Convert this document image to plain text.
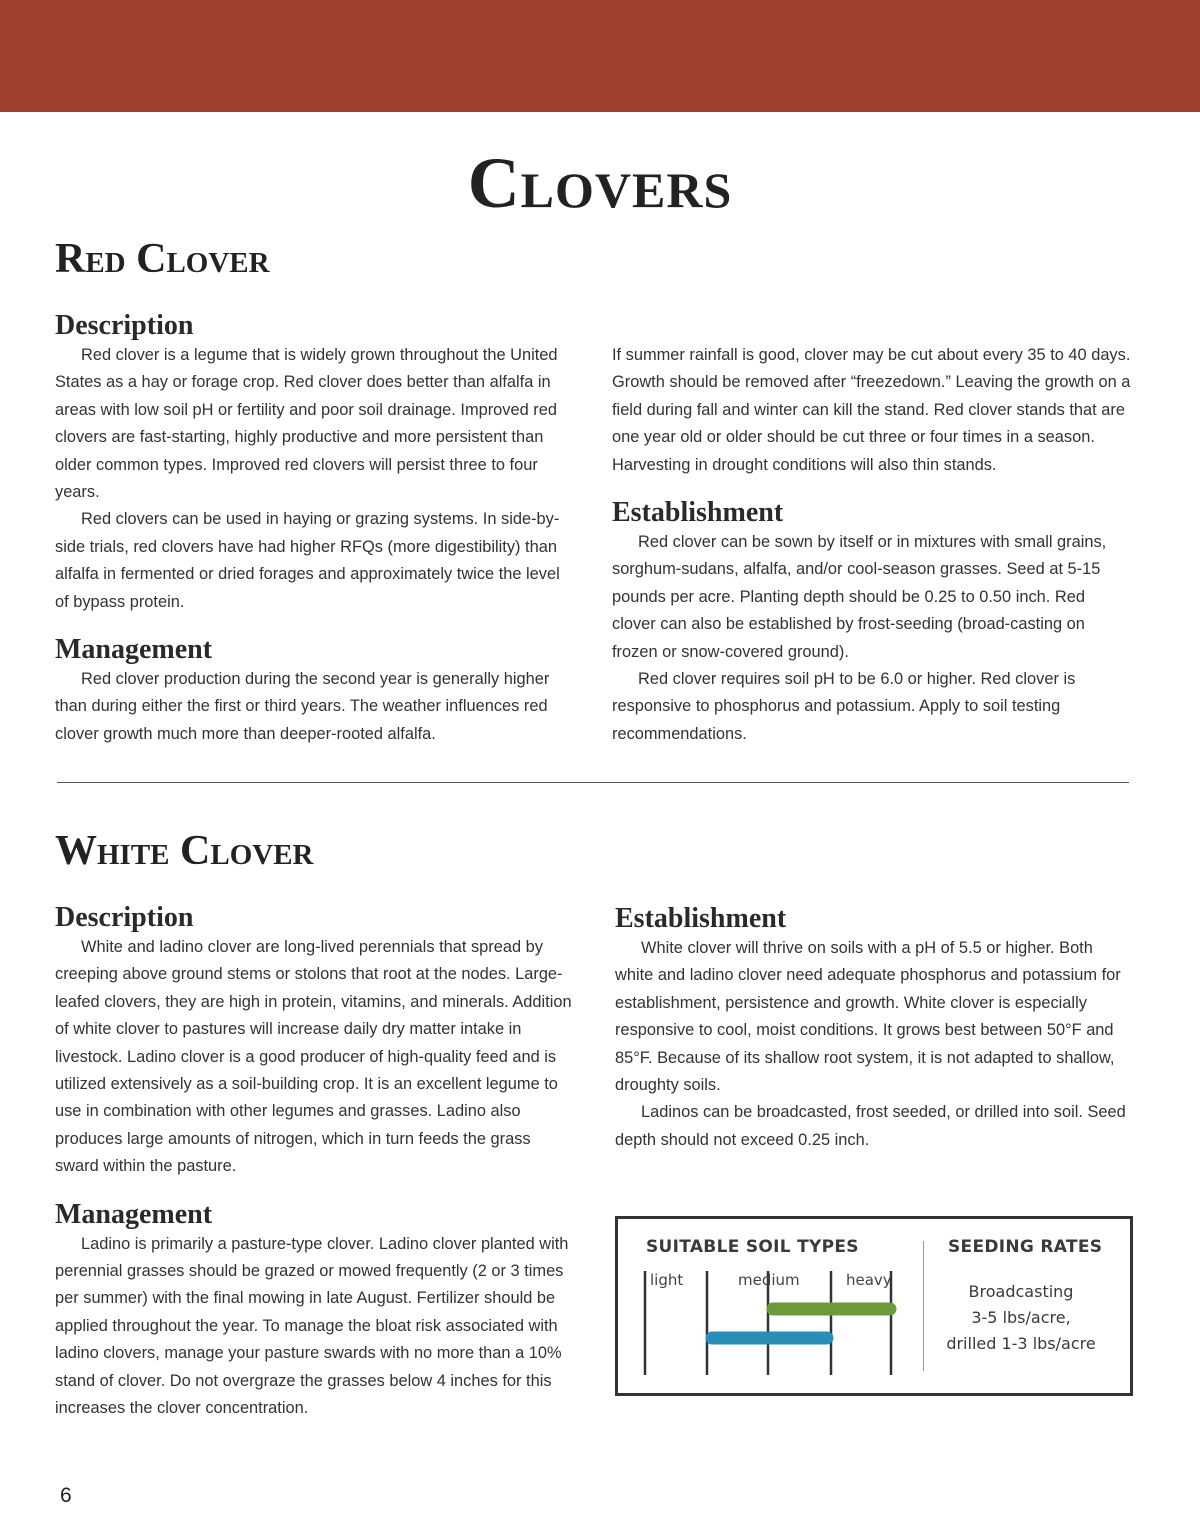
Clovers
Red Clover
Description

Red clover is a legume that is widely grown throughout the United States as a hay or forage crop. Red clover does better than alfalfa in areas with low soil pH or fertility and poor soil drainage. Improved red clovers are fast-starting, highly productive and more persistent than older common types. Improved red clovers will persist three to four years.

Red clovers can be used in haying or grazing systems. In side-by-side trials, red clovers have had higher RFQs (more digestibility) than alfalfa in fermented or dried forages and approximately twice the level of bypass protein.

Management

Red clover production during the second year is generally higher than during either the first or third years. The weather influences red clover growth much more than deeper-rooted alfalfa.

If summer rainfall is good, clover may be cut about every 35 to 40 days. Growth should be removed after “freezedown.” Leaving the growth on a field during fall and winter can kill the stand. Red clover stands that are one year old or older should be cut three or four times in a season. Harvesting in drought conditions will also thin stands.

Establishment

Red clover can be sown by itself or in mixtures with small grains, sorghum-sudans, alfalfa, and/or cool-season grasses. Seed at 5-15 pounds per acre. Planting depth should be 0.25 to 0.50 inch. Red clover can also be established by frost-seeding (broad-casting on frozen or snow-covered ground).

Red clover requires soil pH to be 6.0 or higher. Red clover is responsive to phosphorus and potassium. Apply to soil testing recommendations.

White Clover
Description

White and ladino clover are long-lived perennials that spread by creeping above ground stems or stolons that root at the nodes. Large-leafed clovers, they are high in protein, vitamins, and minerals. Addition of white clover to pastures will increase daily dry matter intake in livestock. Ladino clover is a good producer of high-quality feed and is utilized extensively as a soil-building crop. It is an excellent legume to use in combination with other legumes and grasses. Ladino also produces large amounts of nitrogen, which in turn feeds the grass sward within the pasture.

Management

Ladino is primarily a pasture-type clover. Ladino clover planted with perennial grasses should be grazed or mowed frequently (2 or 3 times per summer) with the final mowing in late August. Fertilizer should be applied throughout the year. To manage the bloat risk associated with ladino clovers, manage your pasture swards with no more than a 10% stand of clover. Do not overgraze the grasses below 4 inches for this increases the clover concentration.

Establishment

White clover will thrive on soils with a pH of 5.5 or higher. Both white and ladino clover need adequate phosphorus and potassium for establishment, persistence and growth. White clover is especially responsive to cool, moist conditions. It grows best between 50°F and 85°F. Because of its shallow root system, it is not adapted to shallow, droughty soils.

Ladinos can be broadcasted, frost seeded, or drilled into soil. Seed depth should not exceed 0.25 inch.

SUITABLE SOIL TYPES	SEEDING RATES
light	medium	heavy
Broadcasting
3-5 lbs/acre,
drilled 1-3 lbs/acre
6
